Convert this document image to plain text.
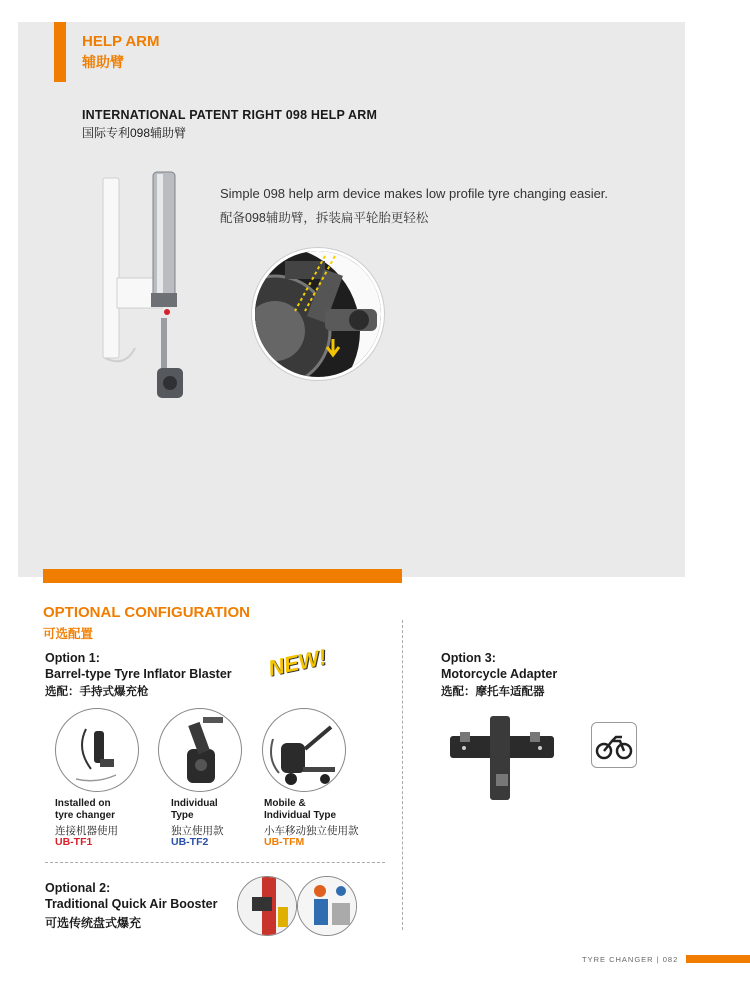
HELP ARM
辅助臂
INTERNATIONAL PATENT RIGHT 098 HELP ARM
国际专利098辅助臂
Simple 098 help arm device makes low profile tyre changing easier.
配备098辅助臂，拆装扁平轮胎更轻松
OPTIONAL CONFIGURATION
可选配置
Option 1:
Barrel-type Tyre Inflator Blaster
选配：手持式爆充枪
NEW!
Installed on
tyre changer
连接机器使用
UB-TF1
Individual
Type
独立使用款
UB-TF2
Mobile &
Individual Type
小车移动独立使用款
UB-TFM
Optional 2:
Traditional Quick Air Booster
可选传统盘式爆充
Option 3:
Motorcycle Adapter
选配：摩托车适配器
TYRE CHANGER | 082
